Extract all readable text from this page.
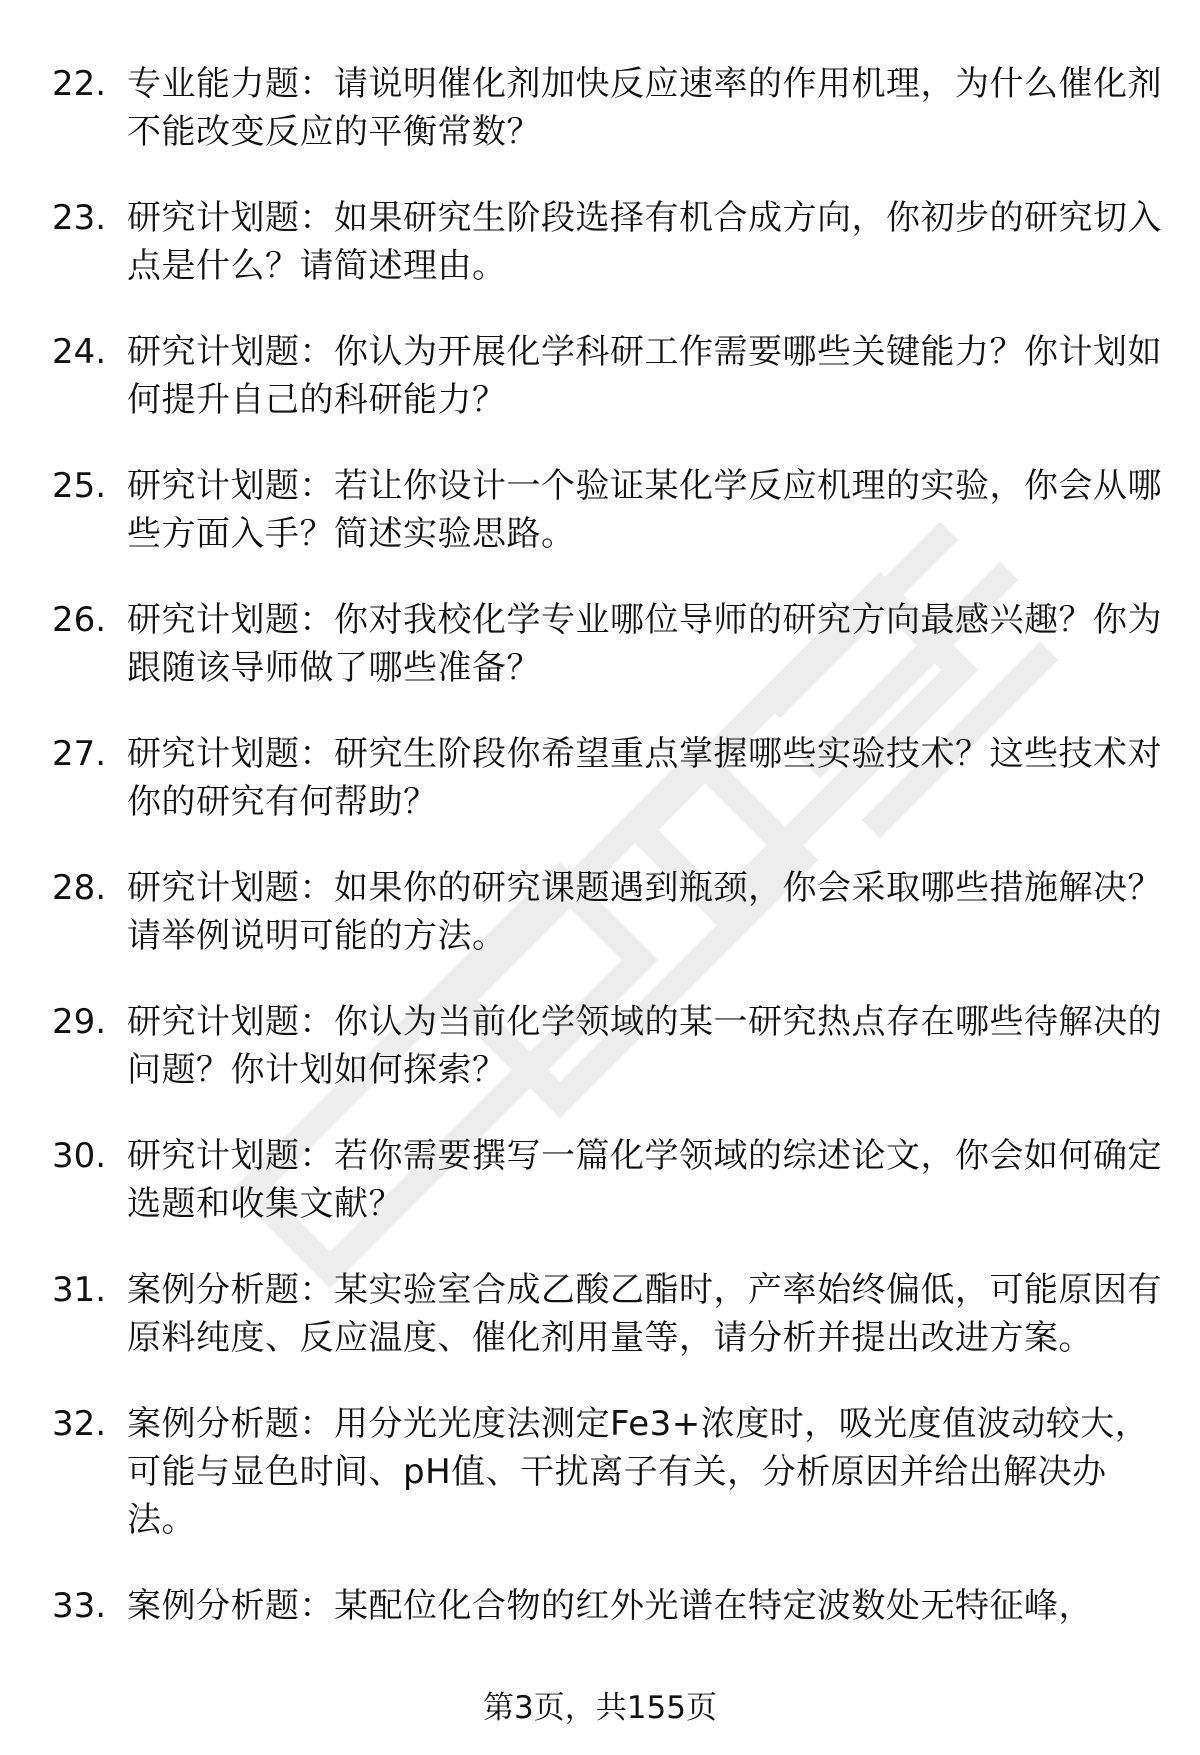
22. 专业能力题：请说明催化剂加快反应速率的作用机理，为什么催化剂不能改变反应的平衡常数？
23. 研究计划题：如果研究生阶段选择有机合成方向，你初步的研究切入点是什么？请简述理由。
24. 研究计划题：你认为开展化学科研工作需要哪些关键能力？你计划如何提升自己的科研能力？
25. 研究计划题：若让你设计一个验证某化学反应机理的实验，你会从哪些方面入手？简述实验思路。
26. 研究计划题：你对我校化学专业哪位导师的研究方向最感兴趣？你为跟随该导师做了哪些准备？
27. 研究计划题：研究生阶段你希望重点掌握哪些实验技术？这些技术对你的研究有何帮助？
28. 研究计划题：如果你的研究课题遇到瓶颈，你会采取哪些措施解决？请举例说明可能的方法。
29. 研究计划题：你认为当前化学领域的某一研究热点存在哪些待解决的问题？你计划如何探索？
30. 研究计划题：若你需要撰写一篇化学领域的综述论文，你会如何确定选题和收集文献？
31. 案例分析题：某实验室合成乙酸乙酯时，产率始终偏低，可能原因有原料纯度、反应温度、催化剂用量等，请分析并提出改进方案。
32. 案例分析题：用分光光度法测定Fe3+浓度时，吸光度值波动较大，可能与显色时间、pH值、干扰离子有关，分析原因并给出解决办法。
33. 案例分析题：某配位化合物的红外光谱在特定波数处无特征峰，
第3页，共155页
